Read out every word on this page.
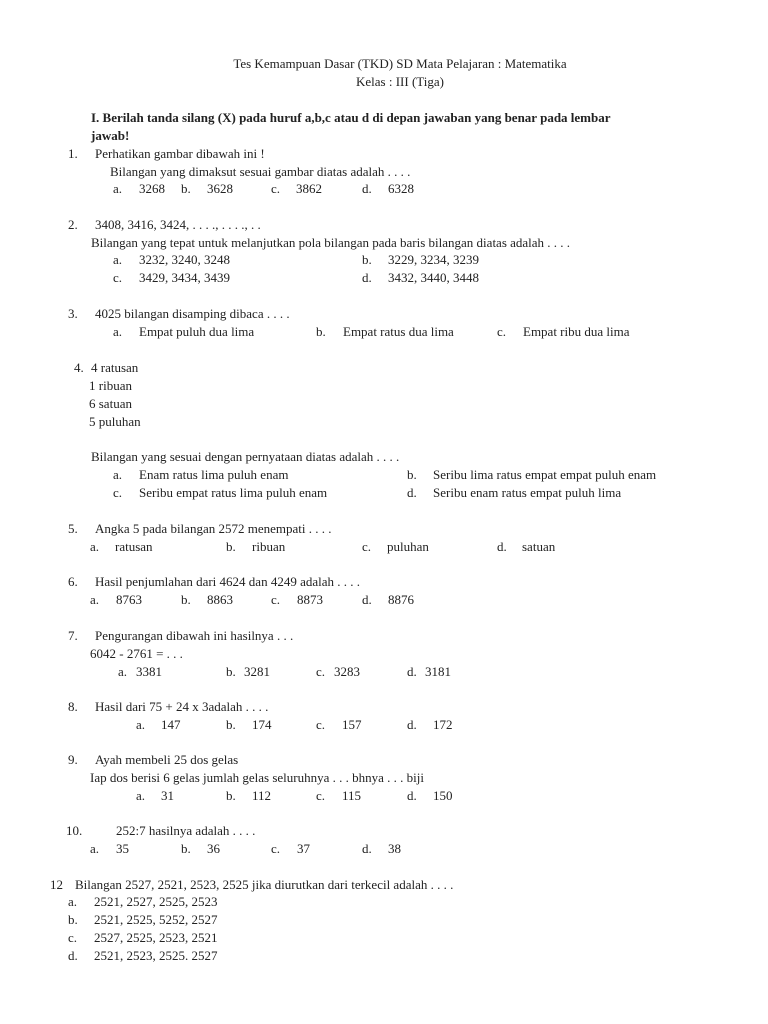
Tes Kemampuan Dasar (TKD) SD Mata Pelajaran : Matematika
Kelas : III (Tiga)
I. Berilah tanda silang (X) pada huruf a,b,c atau d di depan jawaban yang benar pada lembar
jawab!
1. Perhatikan gambar dibawah ini !
Bilangan yang dimaksut sesuai gambar diatas adalah . . . .
a. 3268 b. 3628	c. 3862	d. 6328
2. 3408, 3416, 3424, . . . ., . . . ., . .
Bilangan yang tepat untuk melanjutkan pola bilangan pada baris bilangan diatas adalah . . . .
a. 3232, 3240, 3248	b. 3229, 3234, 3239
c. 3429, 3434, 3439	d. 3432, 3440, 3448
3. 4025 bilangan disamping dibaca . . . .
a. Empat puluh dua lima	b. Empat ratus dua lima	c. Empat ribu dua lima
4. 4 ratusan
1 ribuan
6 satuan
5 puluhan
Bilangan yang sesuai dengan pernyataan diatas adalah . . . .
a. Enam ratus lima puluh enam	b. Seribu lima ratus empat empat puluh enam
c. Seribu empat ratus lima puluh enam	d. Seribu enam ratus empat puluh lima
5. Angka 5 pada bilangan 2572 menempati . . . .
a. ratusan	b. ribuan	c. puluhan	d. satuan
6. Hasil penjumlahan dari 4624 dan 4249 adalah . . . .
a. 8763	b. 8863	c. 8873	d. 8876
7. Pengurangan dibawah ini hasilnya . . .
6042 - 2761 = . . .
a. 3381	b. 3281	c. 3283	d. 3181
8. Hasil dari 75 + 24 x 3adalah . . . .
a. 147	b. 174	c. 157	d. 172
9. Ayah membeli 25 dos gelas
Iap dos berisi 6 gelas jumlah gelas seluruhnya . . . bhnya . . . biji
a. 31	b. 112	c. 115	d. 150
10.	252:7 hasilnya adalah . . . .
a. 35	b. 36	c. 37	d. 38
12 Bilangan 2527, 2521, 2523, 2525 jika diurutkan dari terkecil adalah . . . .
a. 2521, 2527, 2525, 2523
b. 2521, 2525, 5252, 2527
c. 2527, 2525, 2523, 2521
d. 2521, 2523, 2525. 2527
